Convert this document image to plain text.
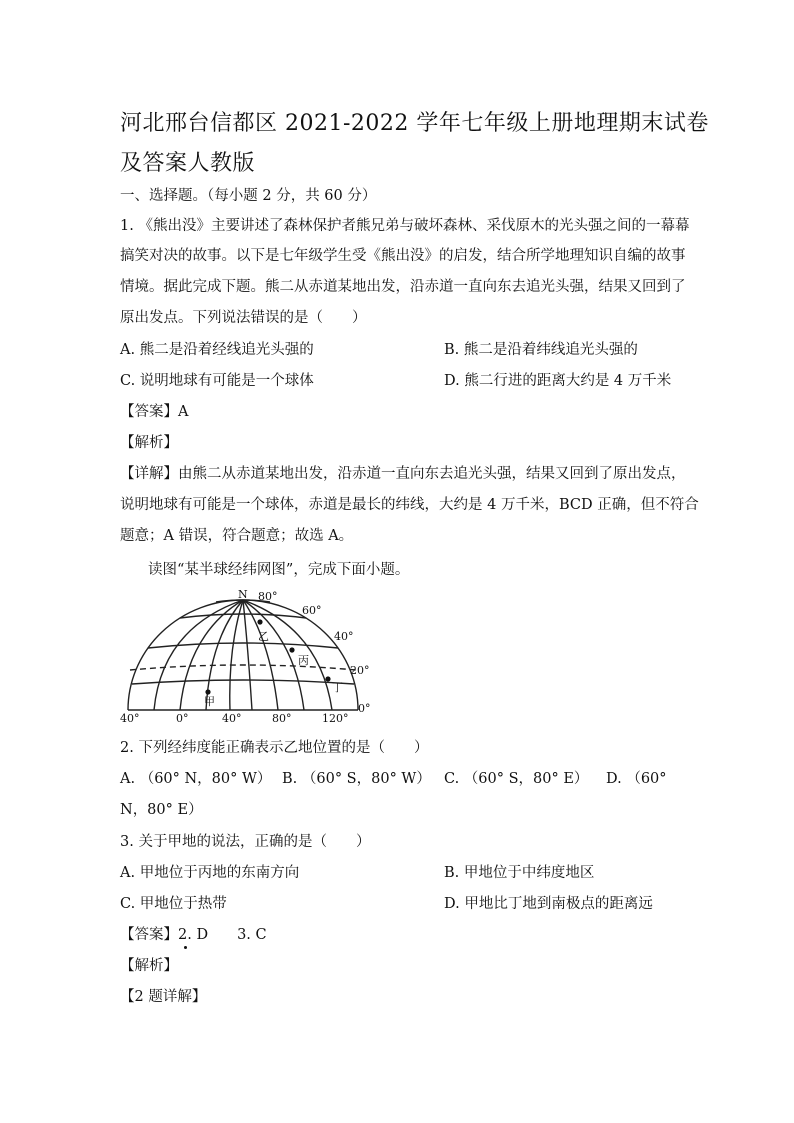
河北邢台信都区 2021-2022 学年七年级上册地理期末试卷
及答案人教版
一、选择题。（每小题 2 分，共 60 分）
1. 《熊出没》主要讲述了森林保护者熊兄弟与破坏森林、采伐原木的光头强之间的一幕幕
搞笑对决的故事。以下是七年级学生受《熊出没》的启发，结合所学地理知识自编的故事
情境。据此完成下题。熊二从赤道某地出发，沿赤道一直向东去追光头强，结果又回到了
原出发点。下列说法错误的是（　　）
A. 熊二是沿着经线追光头强的	B. 熊二是沿着纬线追光头强的
C. 说明地球有可能是一个球体	D. 熊二行进的距离大约是 4 万千米
【答案】A
【解析】
【详解】由熊二从赤道某地出发，沿赤道一直向东去追光头强，结果又回到了原出发点，
说明地球有可能是一个球体，赤道是最长的纬线，大约是 4 万千米，BCD 正确，但不符合
题意；A 错误，符合题意；故选 A。
读图“某半球经纬网图”，完成下面小题。
N 80°
60°
40°
20°
0°
40°	0°	40°	80°	120°
乙
丙
甲
丁
2. 下列经纬度能正确表示乙地位置的是（　　）
A. （60° N，80° W） B. （60° S，80° W） C. （60° S，80° E） D. （60°
N，80° E）
3. 关于甲地的说法，正确的是（　　）
A. 甲地位于丙地的东南方向	B. 甲地位于中纬度地区
C. 甲地位于热带	D. 甲地比丁地到南极点的距离远
【答案】2. D　　3. C
【解析】
【2 题详解】
